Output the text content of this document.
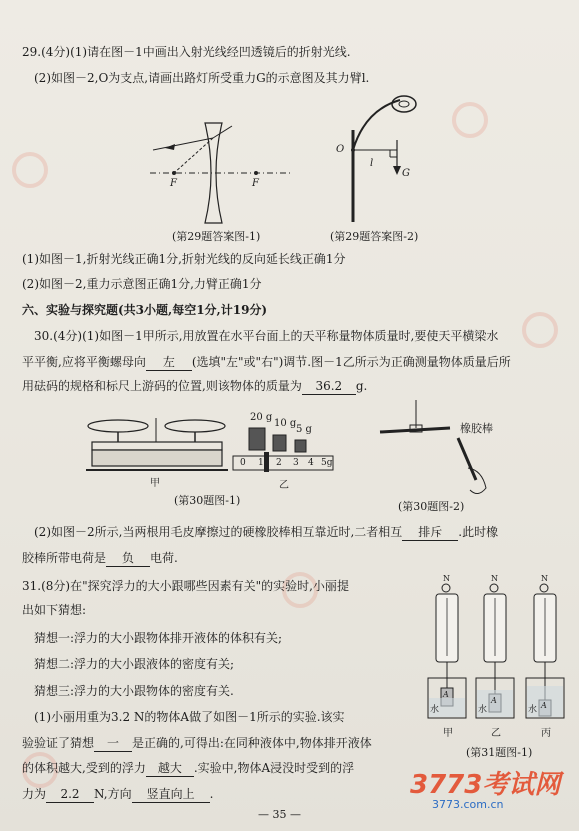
29.(4分)(1)请在图－1中画出入射光线经凹透镜后的折射光线.
(2)如图－2,O为支点,请画出路灯所受重力G的示意图及其力臂l.
F	F
O
l
G
(第29题答案图-1)	(第29题答案图-2)
(1)如图－1,折射光线正确1分,折射光线的反向延长线正确1分
(2)如图－2,重力示意图正确1分,力臂正确1分
六、实验与探究题(共3小题,每空1分,计19分)
30.(4分)(1)如图－1甲所示,用放置在水平台面上的天平称量物体质量时,要使天平横梁水
平平衡,应将平衡螺母向 左 (选填"左"或"右")调节.图－1乙所示为正确测量物体质量后所
用砝码的规格和标尺上游码的位置,则该物体的质量为 36.2 g.
甲
20 g
10 g
5 g
0 1 2 3 4 5g
乙
(第30题图-1)
橡胶棒
(第30题图-2)
(2)如图－2所示,当两根用毛皮摩擦过的硬橡胶棒相互靠近时,二者相互 排斥 .此时橡
胶棒所带电荷是 负 电荷.
31.(8分)在"探究浮力的大小跟哪些因素有关"的实验时,小丽提
出如下猜想:
猜想一:浮力的大小跟物体排开液体的体积有关;
猜想二:浮力的大小跟液体的密度有关;
猜想三:浮力的大小跟物体的密度有关.
(1)小丽用重为3.2 N的物体A做了如图－1所示的实验.该实
验验证了猜想 一 是正确的,可得出:在同种液体中,物体排开液体
的体积越大,受到的浮力 越大 .实验中,物体A浸没时受到的浮
力为 2.2 N,方向 竖直向上 .
N	N	N
水	水	水
A
A
A
甲	乙	丙
(第31题图-1)
— 35 —
3773考试网
3773.com.cn
